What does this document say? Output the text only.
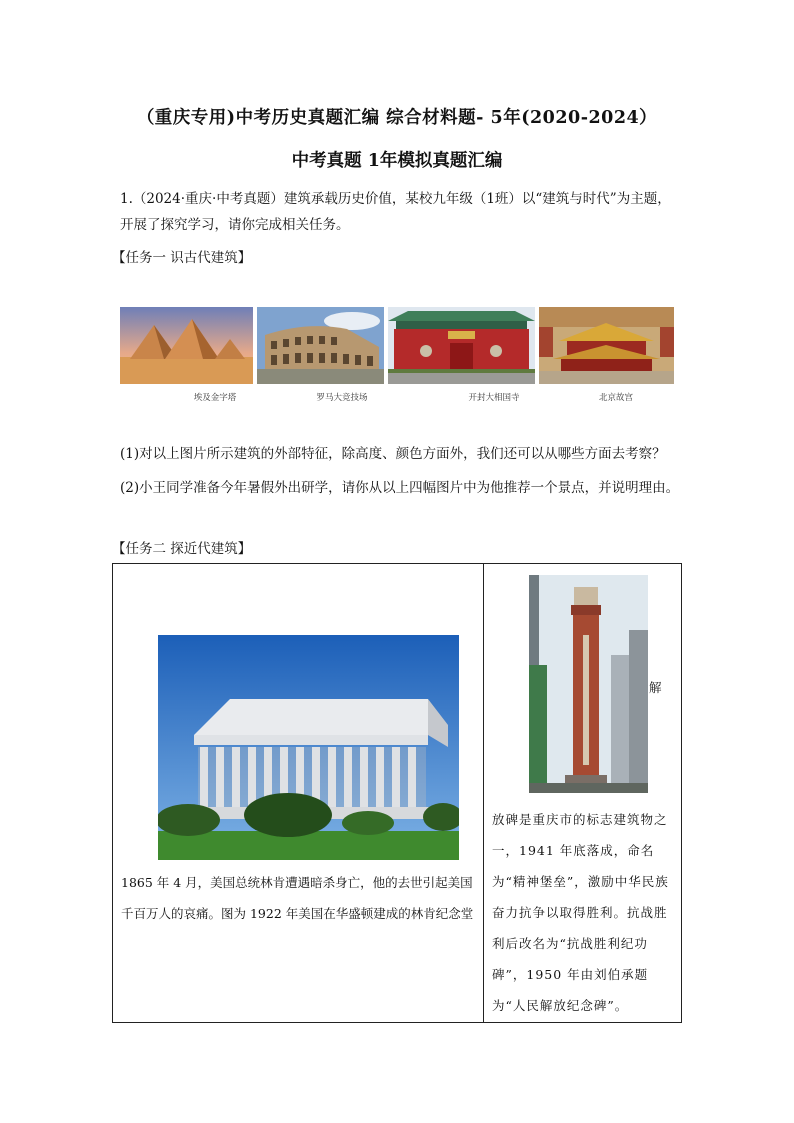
（重庆专用)中考历史真题汇编 综合材料题- 5年(2020-2024）
中考真题 1年模拟真题汇编
1.（2024·重庆·中考真题）建筑承载历史价值，某校九年级（1班）以“建筑与时代”为主题，开展了探究学习，请你完成相关任务。
【任务一 识古代建筑】
埃及金字塔	罗马大竞技场	开封大相国寺	北京故宫
(1)对以上图片所示建筑的外部特征，除高度、颜色方面外，我们还可以从哪些方面去考察？
(2)小王同学准备今年暑假外出研学，请你从以上四幅图片中为他推荐一个景点，并说明理由。
【任务二 探近代建筑】
1865 年 4 月，美国总统林肯遭遇暗杀身亡，他的去世引起美国千百万人的哀痛。图为 1922 年美国在华盛顿建成的林肯纪念堂
解
放碑是重庆市的标志建筑物之一，1941 年底落成，命名为“精神堡垒”，激励中华民族奋力抗争以取得胜利。抗战胜利后改名为“抗战胜利纪功碑”，1950 年由刘伯承题为“人民解放纪念碑”。
